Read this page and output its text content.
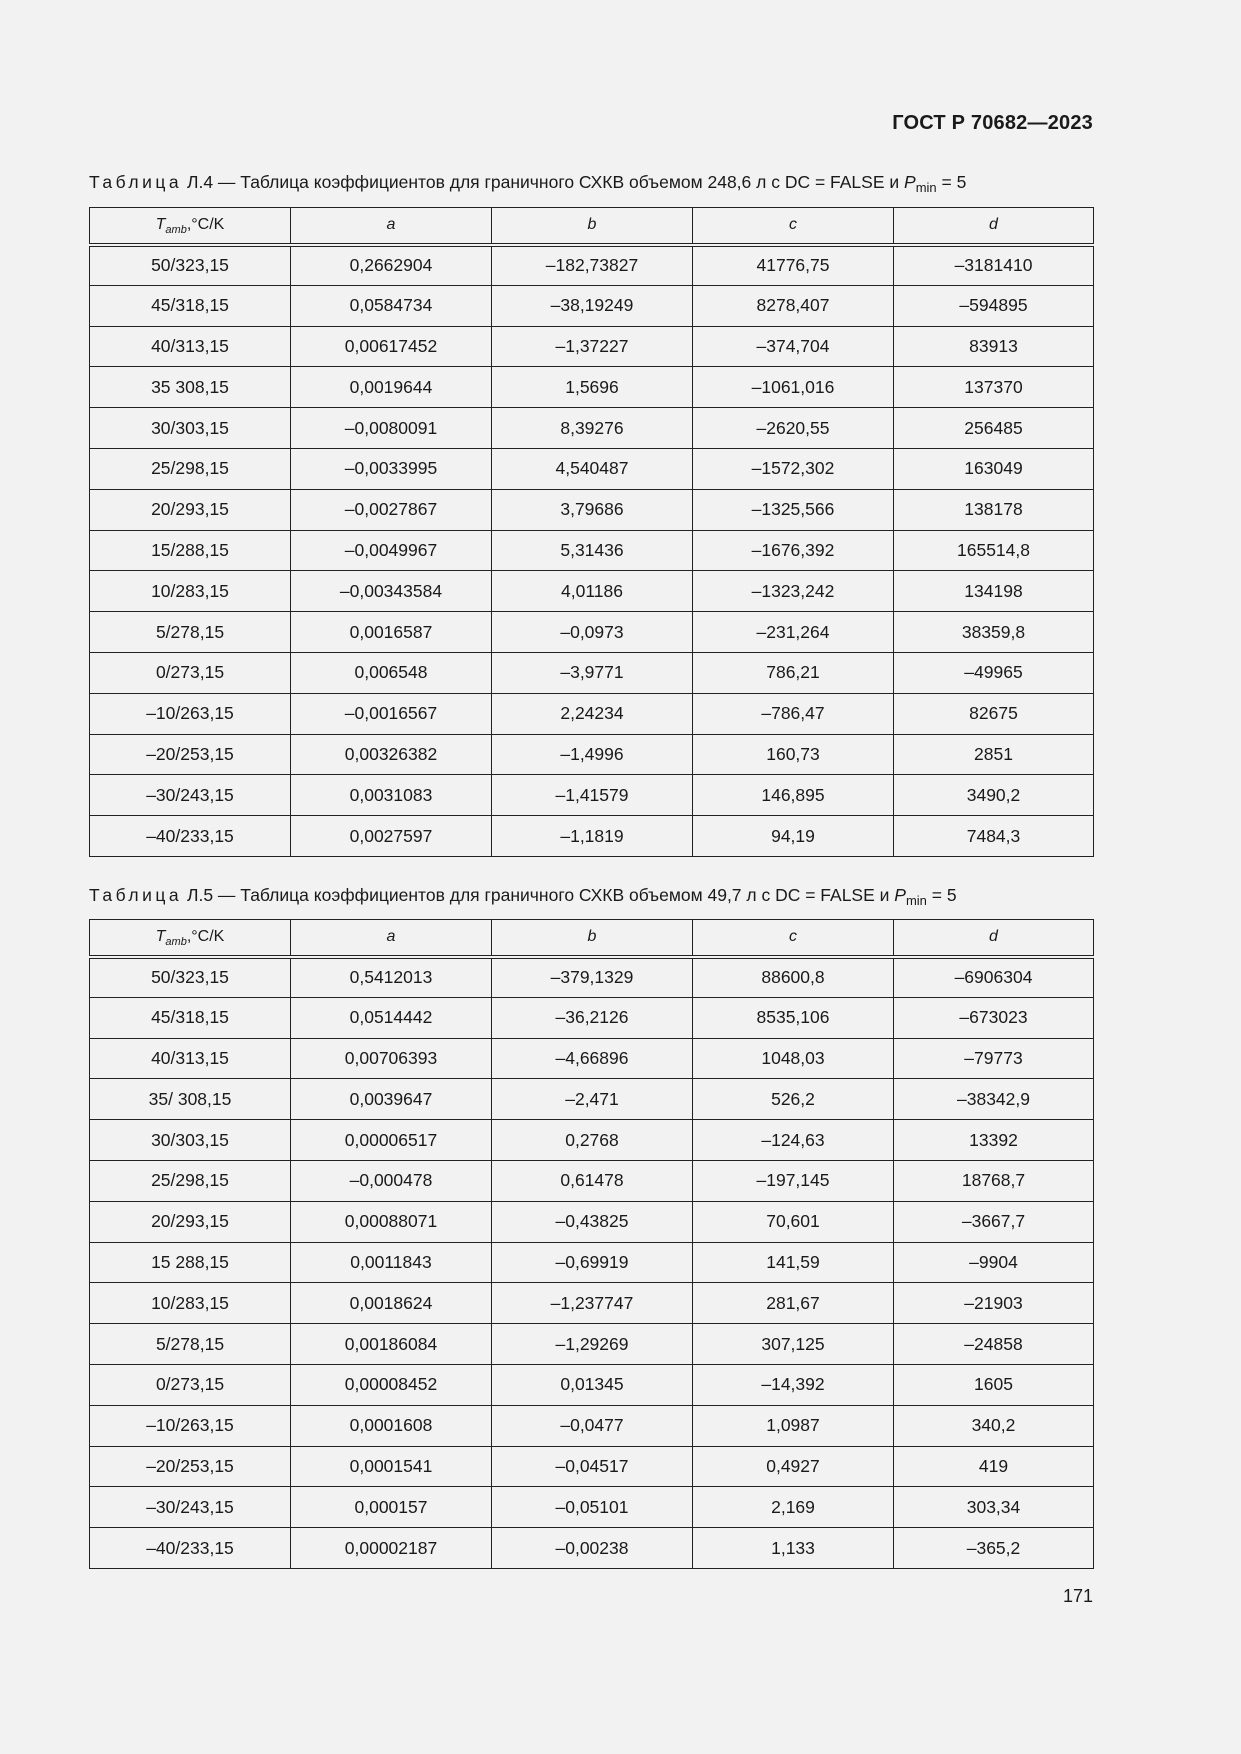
ГОСТ Р 70682—2023
Таблица Л.4 — Таблица коэффициентов для граничного СХКВ объемом 248,6 л с DC = FALSE и $P_{min} = 5$
$T_{amb},^\circ C/K$	a	b	c	d
50/323,15	0,2662904	–182,73827	41776,75	–3181410
45/318,15	0,0584734	–38,19249	8278,407	–594895
40/313,15	0,00617452	–1,37227	–374,704	83913
35 308,15	0,0019644	1,5696	–1061,016	137370
30/303,15	–0,0080091	8,39276	–2620,55	256485
25/298,15	–0,0033995	4,540487	–1572,302	163049
20/293,15	–0,0027867	3,79686	–1325,566	138178
15/288,15	–0,0049967	5,31436	–1676,392	165514,8
10/283,15	–0,00343584	4,01186	–1323,242	134198
5/278,15	0,0016587	–0,0973	–231,264	38359,8
0/273,15	0,006548	–3,9771	786,21	–49965
–10/263,15	–0,0016567	2,24234	–786,47	82675
–20/253,15	0,00326382	–1,4996	160,73	2851
–30/243,15	0,0031083	–1,41579	146,895	3490,2
–40/233,15	0,0027597	–1,1819	94,19	7484,3
Таблица Л.5 — Таблица коэффициентов для граничного СХКВ объемом 49,7 л с DC = FALSE и $P_{min} = 5$
$T_{amb},^\circ C/K$	a	b	c	d
50/323,15	0,5412013	–379,1329	88600,8	–6906304
45/318,15	0,0514442	–36,2126	8535,106	–673023
40/313,15	0,00706393	–4,66896	1048,03	–79773
35/ 308,15	0,0039647	–2,471	526,2	–38342,9
30/303,15	0,00006517	0,2768	–124,63	13392
25/298,15	–0,000478	0,61478	–197,145	18768,7
20/293,15	0,00088071	–0,43825	70,601	–3667,7
15 288,15	0,0011843	–0,69919	141,59	–9904
10/283,15	0,0018624	–1,237747	281,67	–21903
5/278,15	0,00186084	–1,29269	307,125	–24858
0/273,15	0,00008452	0,01345	–14,392	1605
–10/263,15	0,0001608	–0,0477	1,0987	340,2
–20/253,15	0,0001541	–0,04517	0,4927	419
–30/243,15	0,000157	–0,05101	2,169	303,34
–40/233,15	0,00002187	–0,00238	1,133	–365,2
171
